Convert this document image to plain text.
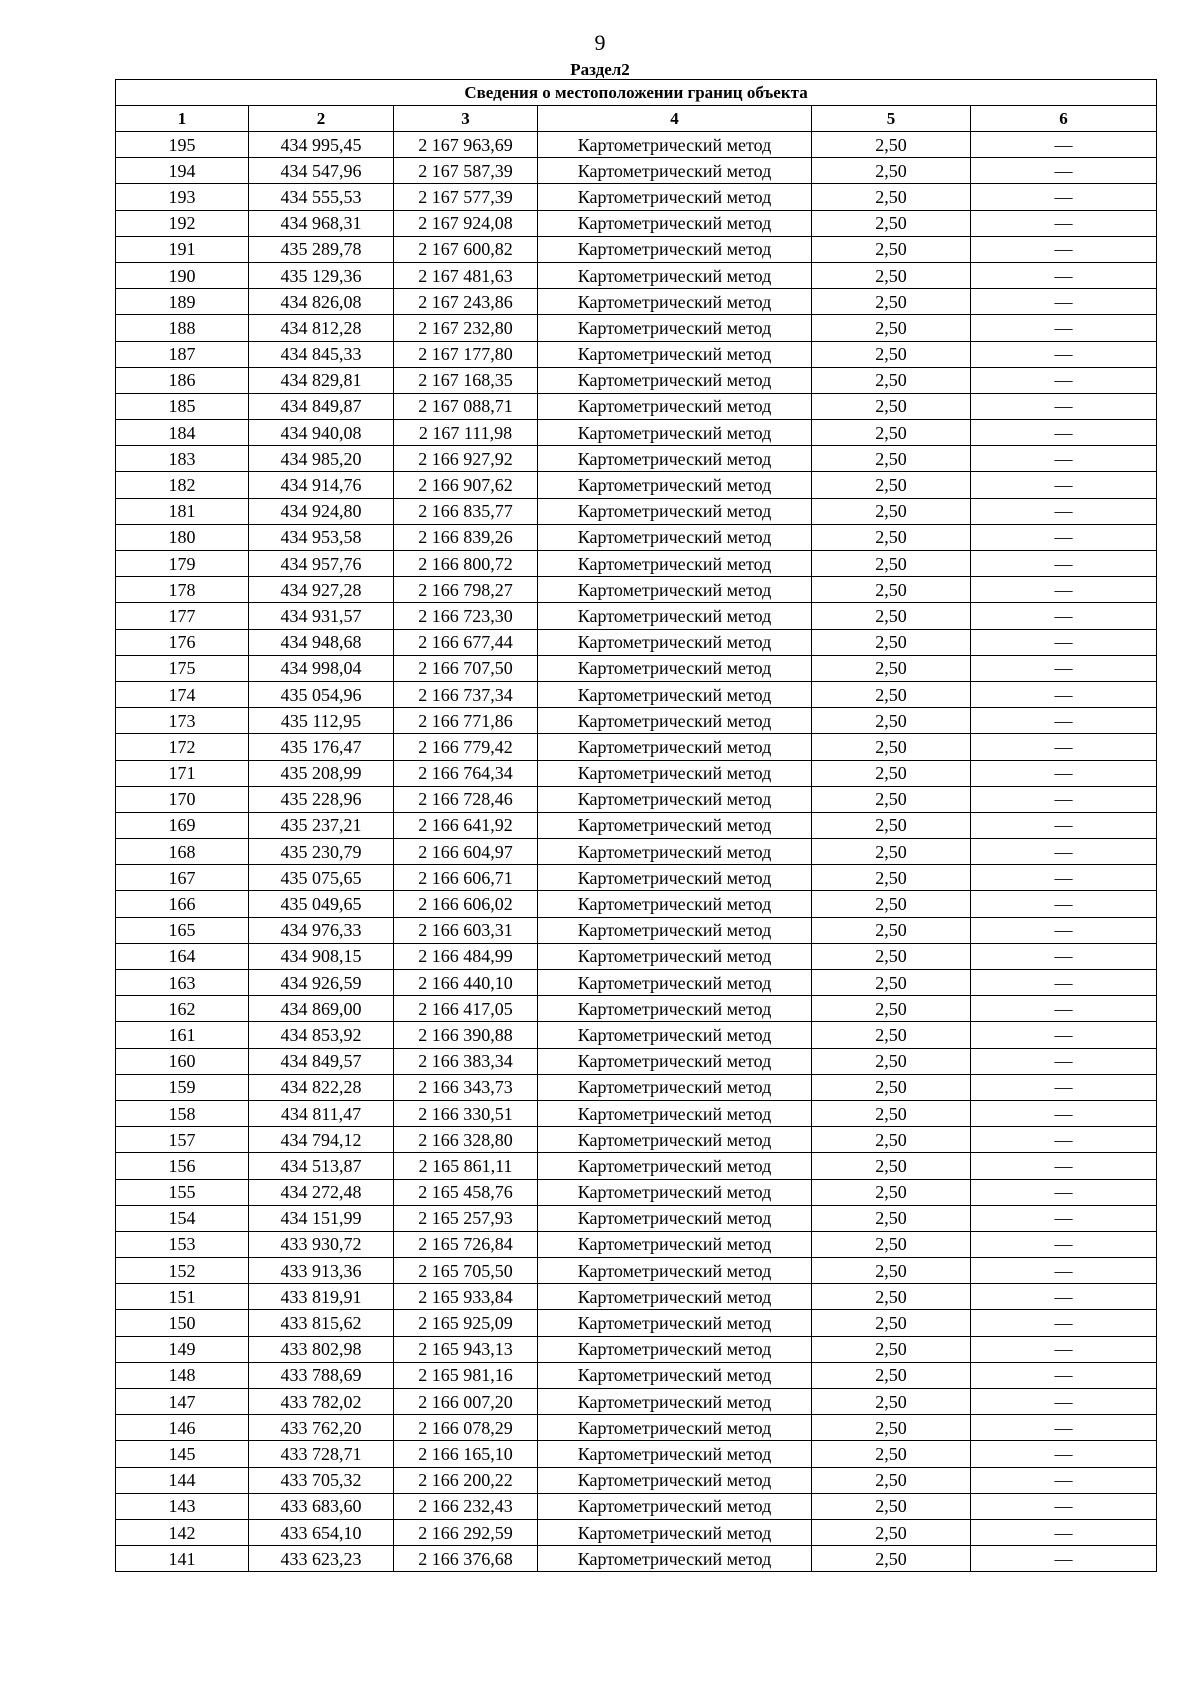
9
Раздел2
Сведения о местоположении границ объекта					
1	2	3	4	5	6
195	434 995,45	2 167 963,69	Картометрический метод	2,50	—
194	434 547,96	2 167 587,39	Картометрический метод	2,50	—
193	434 555,53	2 167 577,39	Картометрический метод	2,50	—
192	434 968,31	2 167 924,08	Картометрический метод	2,50	—
191	435 289,78	2 167 600,82	Картометрический метод	2,50	—
190	435 129,36	2 167 481,63	Картометрический метод	2,50	—
189	434 826,08	2 167 243,86	Картометрический метод	2,50	—
188	434 812,28	2 167 232,80	Картометрический метод	2,50	—
187	434 845,33	2 167 177,80	Картометрический метод	2,50	—
186	434 829,81	2 167 168,35	Картометрический метод	2,50	—
185	434 849,87	2 167 088,71	Картометрический метод	2,50	—
184	434 940,08	2 167 111,98	Картометрический метод	2,50	—
183	434 985,20	2 166 927,92	Картометрический метод	2,50	—
182	434 914,76	2 166 907,62	Картометрический метод	2,50	—
181	434 924,80	2 166 835,77	Картометрический метод	2,50	—
180	434 953,58	2 166 839,26	Картометрический метод	2,50	—
179	434 957,76	2 166 800,72	Картометрический метод	2,50	—
178	434 927,28	2 166 798,27	Картометрический метод	2,50	—
177	434 931,57	2 166 723,30	Картометрический метод	2,50	—
176	434 948,68	2 166 677,44	Картометрический метод	2,50	—
175	434 998,04	2 166 707,50	Картометрический метод	2,50	—
174	435 054,96	2 166 737,34	Картометрический метод	2,50	—
173	435 112,95	2 166 771,86	Картометрический метод	2,50	—
172	435 176,47	2 166 779,42	Картометрический метод	2,50	—
171	435 208,99	2 166 764,34	Картометрический метод	2,50	—
170	435 228,96	2 166 728,46	Картометрический метод	2,50	—
169	435 237,21	2 166 641,92	Картометрический метод	2,50	—
168	435 230,79	2 166 604,97	Картометрический метод	2,50	—
167	435 075,65	2 166 606,71	Картометрический метод	2,50	—
166	435 049,65	2 166 606,02	Картометрический метод	2,50	—
165	434 976,33	2 166 603,31	Картометрический метод	2,50	—
164	434 908,15	2 166 484,99	Картометрический метод	2,50	—
163	434 926,59	2 166 440,10	Картометрический метод	2,50	—
162	434 869,00	2 166 417,05	Картометрический метод	2,50	—
161	434 853,92	2 166 390,88	Картометрический метод	2,50	—
160	434 849,57	2 166 383,34	Картометрический метод	2,50	—
159	434 822,28	2 166 343,73	Картометрический метод	2,50	—
158	434 811,47	2 166 330,51	Картометрический метод	2,50	—
157	434 794,12	2 166 328,80	Картометрический метод	2,50	—
156	434 513,87	2 165 861,11	Картометрический метод	2,50	—
155	434 272,48	2 165 458,76	Картометрический метод	2,50	—
154	434 151,99	2 165 257,93	Картометрический метод	2,50	—
153	433 930,72	2 165 726,84	Картометрический метод	2,50	—
152	433 913,36	2 165 705,50	Картометрический метод	2,50	—
151	433 819,91	2 165 933,84	Картометрический метод	2,50	—
150	433 815,62	2 165 925,09	Картометрический метод	2,50	—
149	433 802,98	2 165 943,13	Картометрический метод	2,50	—
148	433 788,69	2 165 981,16	Картометрический метод	2,50	—
147	433 782,02	2 166 007,20	Картометрический метод	2,50	—
146	433 762,20	2 166 078,29	Картометрический метод	2,50	—
145	433 728,71	2 166 165,10	Картометрический метод	2,50	—
144	433 705,32	2 166 200,22	Картометрический метод	2,50	—
143	433 683,60	2 166 232,43	Картометрический метод	2,50	—
142	433 654,10	2 166 292,59	Картометрический метод	2,50	—
141	433 623,23	2 166 376,68	Картометрический метод	2,50	—
